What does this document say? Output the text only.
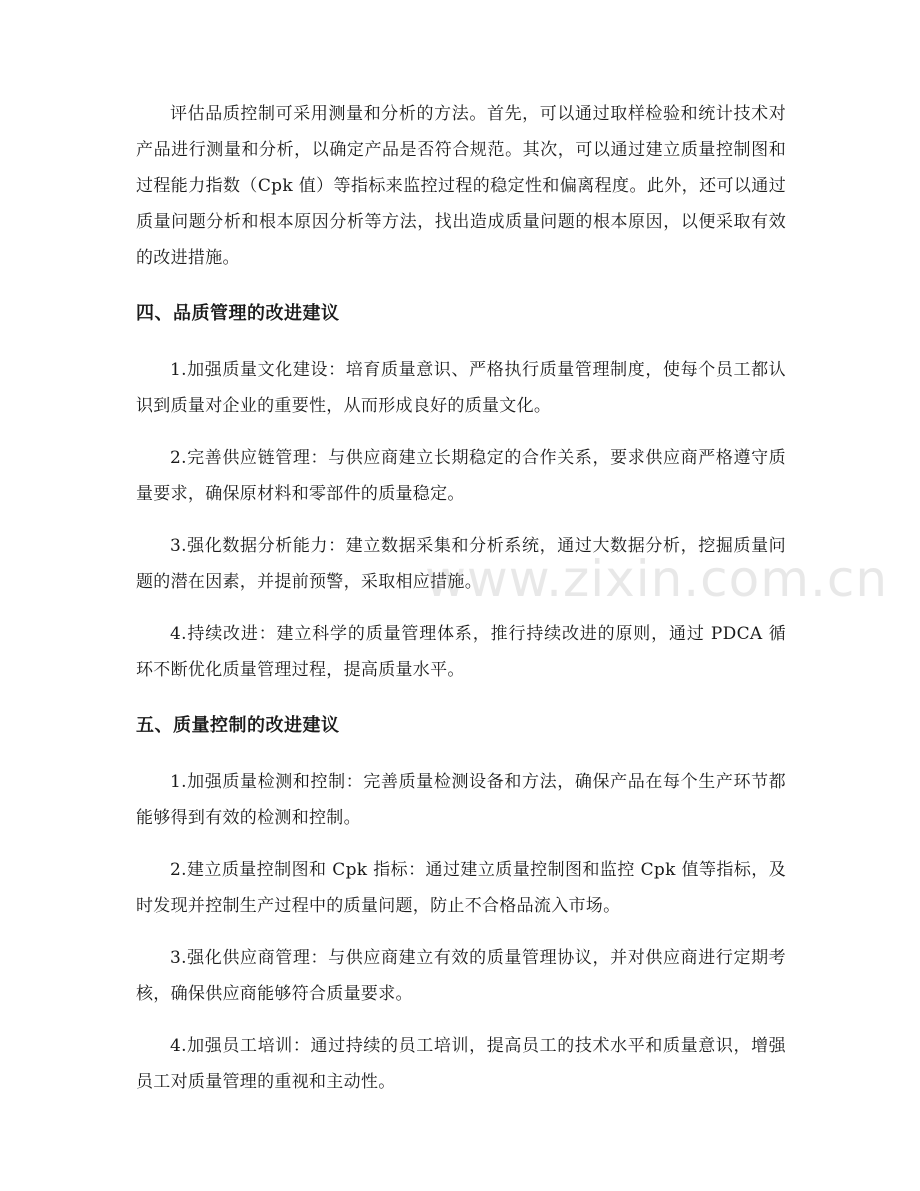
评估品质控制可采用测量和分析的方法。首先，可以通过取样检验和统计技术对产品进行测量和分析，以确定产品是否符合规范。其次，可以通过建立质量控制图和过程能力指数（Cpk 值）等指标来监控过程的稳定性和偏离程度。此外，还可以通过质量问题分析和根本原因分析等方法，找出造成质量问题的根本原因，以便采取有效的改进措施。

四、品质管理的改进建议

1.加强质量文化建设：培育质量意识、严格执行质量管理制度，使每个员工都认识到质量对企业的重要性，从而形成良好的质量文化。

2.完善供应链管理：与供应商建立长期稳定的合作关系，要求供应商严格遵守质量要求，确保原材料和零部件的质量稳定。

3.强化数据分析能力：建立数据采集和分析系统，通过大数据分析，挖掘质量问题的潜在因素，并提前预警，采取相应措施。

4.持续改进：建立科学的质量管理体系，推行持续改进的原则，通过 PDCA 循环不断优化质量管理过程，提高质量水平。

五、质量控制的改进建议

1.加强质量检测和控制：完善质量检测设备和方法，确保产品在每个生产环节都能够得到有效的检测和控制。

2.建立质量控制图和 Cpk 指标：通过建立质量控制图和监控 Cpk 值等指标，及时发现并控制生产过程中的质量问题，防止不合格品流入市场。

3.强化供应商管理：与供应商建立有效的质量管理协议，并对供应商进行定期考核，确保供应商能够符合质量要求。

4.加强员工培训：通过持续的员工培训，提高员工的技术水平和质量意识，增强员工对质量管理的重视和主动性。

www.zixin.com.cn
